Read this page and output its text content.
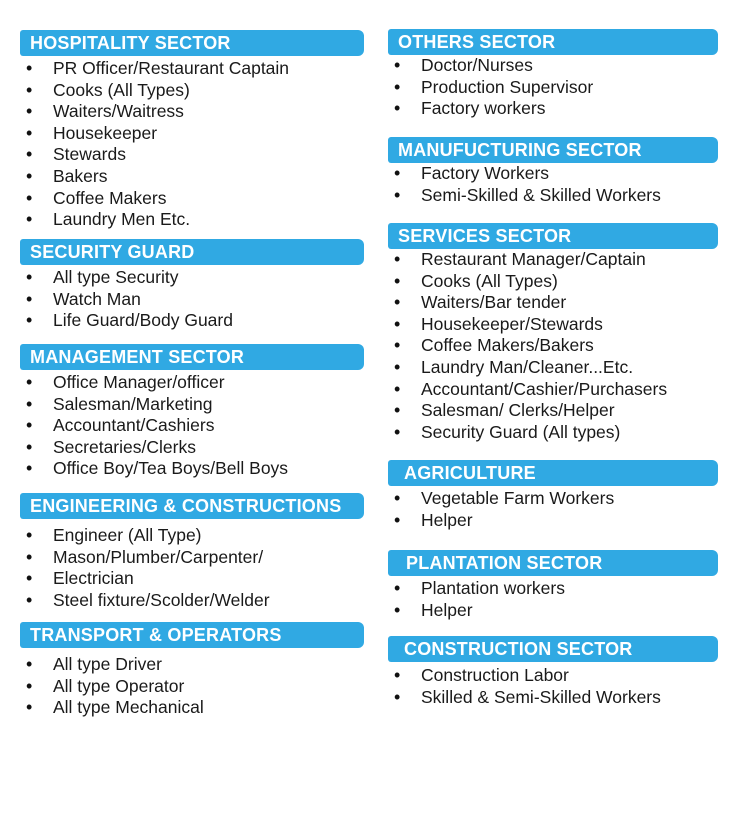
HOSPITALITY SECTOR
• PR Officer/Restaurant Captain
• Cooks (All Types)
• Waiters/Waitress
• Housekeeper
• Stewards
• Bakers
• Coffee Makers
• Laundry Men Etc.
SECURITY GUARD
• All type Security
• Watch Man
• Life Guard/Body Guard
MANAGEMENT SECTOR
• Office Manager/officer
• Salesman/Marketing
• Accountant/Cashiers
• Secretaries/Clerks
• Office Boy/Tea Boys/Bell Boys
ENGINEERING & CONSTRUCTIONS
• Engineer (All Type)
• Mason/Plumber/Carpenter/
• Electrician
• Steel fixture/Scolder/Welder
TRANSPORT & OPERATORS
• All type Driver
• All type Operator
• All type Mechanical
OTHERS SECTOR
• Doctor/Nurses
• Production Supervisor
• Factory workers
MANUFUCTURING SECTOR
• Factory Workers
• Semi-Skilled & Skilled Workers
SERVICES SECTOR
• Restaurant Manager/Captain
• Cooks (All Types)
• Waiters/Bar tender
• Housekeeper/Stewards
• Coffee Makers/Bakers
• Laundry Man/Cleaner...Etc.
• Accountant/Cashier/Purchasers
• Salesman/ Clerks/Helper
• Security Guard (All types)
AGRICULTURE
• Vegetable Farm Workers
• Helper
PLANTATION SECTOR
• Plantation workers
• Helper
CONSTRUCTION SECTOR
• Construction Labor
• Skilled & Semi-Skilled Workers
